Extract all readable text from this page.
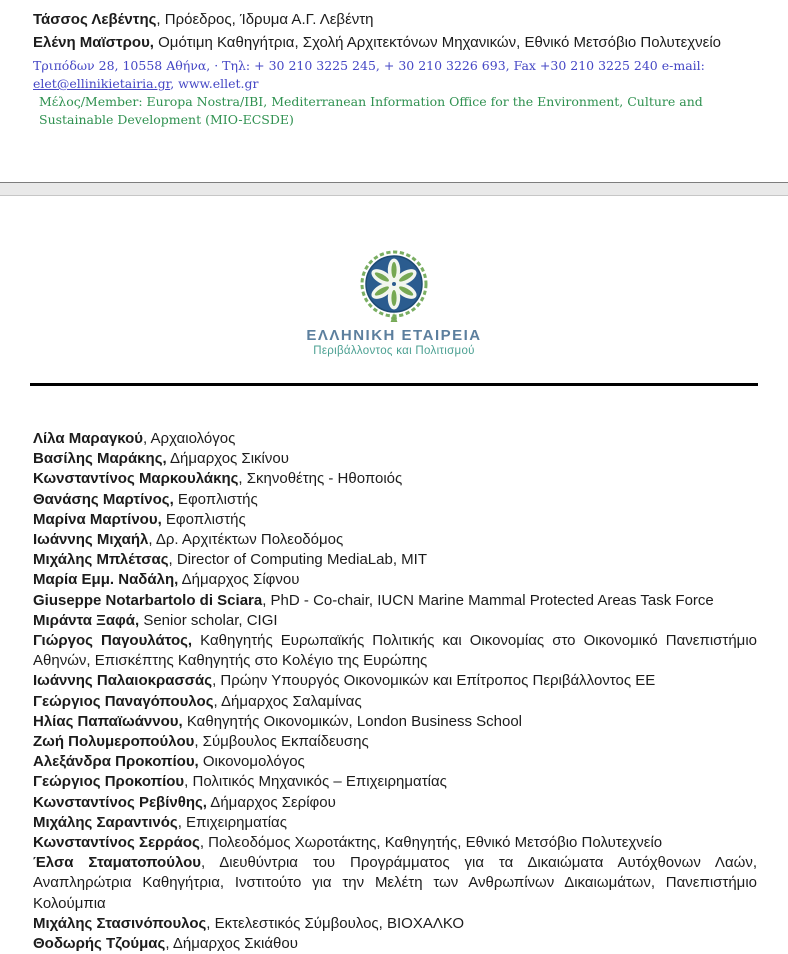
Τάσσος Λεβέντης, Πρόεδρος, Ίδρυμα Α.Γ. Λεβέντη

Ελένη Μαϊστρου, Ομότιμη Καθηγήτρια, Σχολή Αρχιτεκτόνων Μηχανικών, Εθνικό Μετσόβιο Πολυτεχνείο

Τριπόδων 28, 10558 Αθήνα, · Τηλ: + 30 210 3225 245, + 30 210 3226 693, Fax +30 210 3225 240 e-mail: elet@ellinikietairia.gr, www.ellet.gr

Μέλος/Member: Europa Nostra/IBI, Mediterranean Information Office for the Environment, Culture and Sustainable Development (MIO-ECSDE)

ΕΛΛΗΝΙΚΗ ΕΤΑΙΡΕΙΑ
Περιβάλλοντος και Πολιτισμού

Λίλα Μαραγκού, Αρχαιολόγος

Βασίλης Μαράκης, Δήμαρχος Σικίνου

Κωνσταντίνος Μαρκουλάκης, Σκηνοθέτης - Ηθοποιός

Θανάσης Μαρτίνος, Εφοπλιστής

Μαρίνα Μαρτίνου, Εφοπλιστής

Ιωάννης Μιχαήλ, Δρ. Αρχιτέκτων Πολεοδόμος

Μιχάλης Μπλέτσας, Director of Computing MediaLab, MIT

Μαρία Εμμ. Ναδάλη, Δήμαρχος Σίφνου

Giuseppe Notarbartolo di Sciara, PhD - Co-chair, IUCN Marine Mammal Protected Areas Task Force

Μιράντα Ξαφά, Senior scholar, CIGI

Γιώργος Παγουλάτος, Καθηγητής Ευρωπαϊκής Πολιτικής και Οικονομίας στο Οικονομικό Πανεπιστήμιο Αθηνών, Επισκέπτης Καθηγητής στο Κολέγιο της Ευρώπης

Ιωάννης Παλαιοκρασσάς, Πρώην Υπουργός Οικονομικών και Επίτροπος Περιβάλλοντος ΕΕ

Γεώργιος Παναγόπουλος, Δήμαρχος Σαλαμίνας

Ηλίας Παπαϊωάννου, Καθηγητής Οικονομικών, London Business School

Ζωή Πολυμεροπούλου, Σύμβουλος Εκπαίδευσης

Αλεξάνδρα Προκοπίου, Οικονομολόγος

Γεώργιος Προκοπίου, Πολιτικός Μηχανικός – Επιχειρηματίας

Κωνσταντίνος Ρεβίνθης, Δήμαρχος Σερίφου

Μιχάλης Σαραντινός, Επιχειρηματίας

Κωνσταντίνος Σερράος, Πολεοδόμος Χωροτάκτης, Καθηγητής, Εθνικό Μετσόβιο Πολυτεχνείο

Έλσα Σταματοπούλου, Διευθύντρια του Προγράμματος για τα Δικαιώματα Αυτόχθονων Λαών, Αναπληρώτρια Καθηγήτρια, Ινστιτούτο για την Μελέτη των Ανθρωπίνων Δικαιωμάτων, Πανεπιστήμιο Κολούμπια

Μιχάλης Στασινόπουλος, Εκτελεστικός Σύμβουλος, ΒΙΟΧΑΛΚΟ

Θοδωρής Τζούμας, Δήμαρχος Σκιάθου
